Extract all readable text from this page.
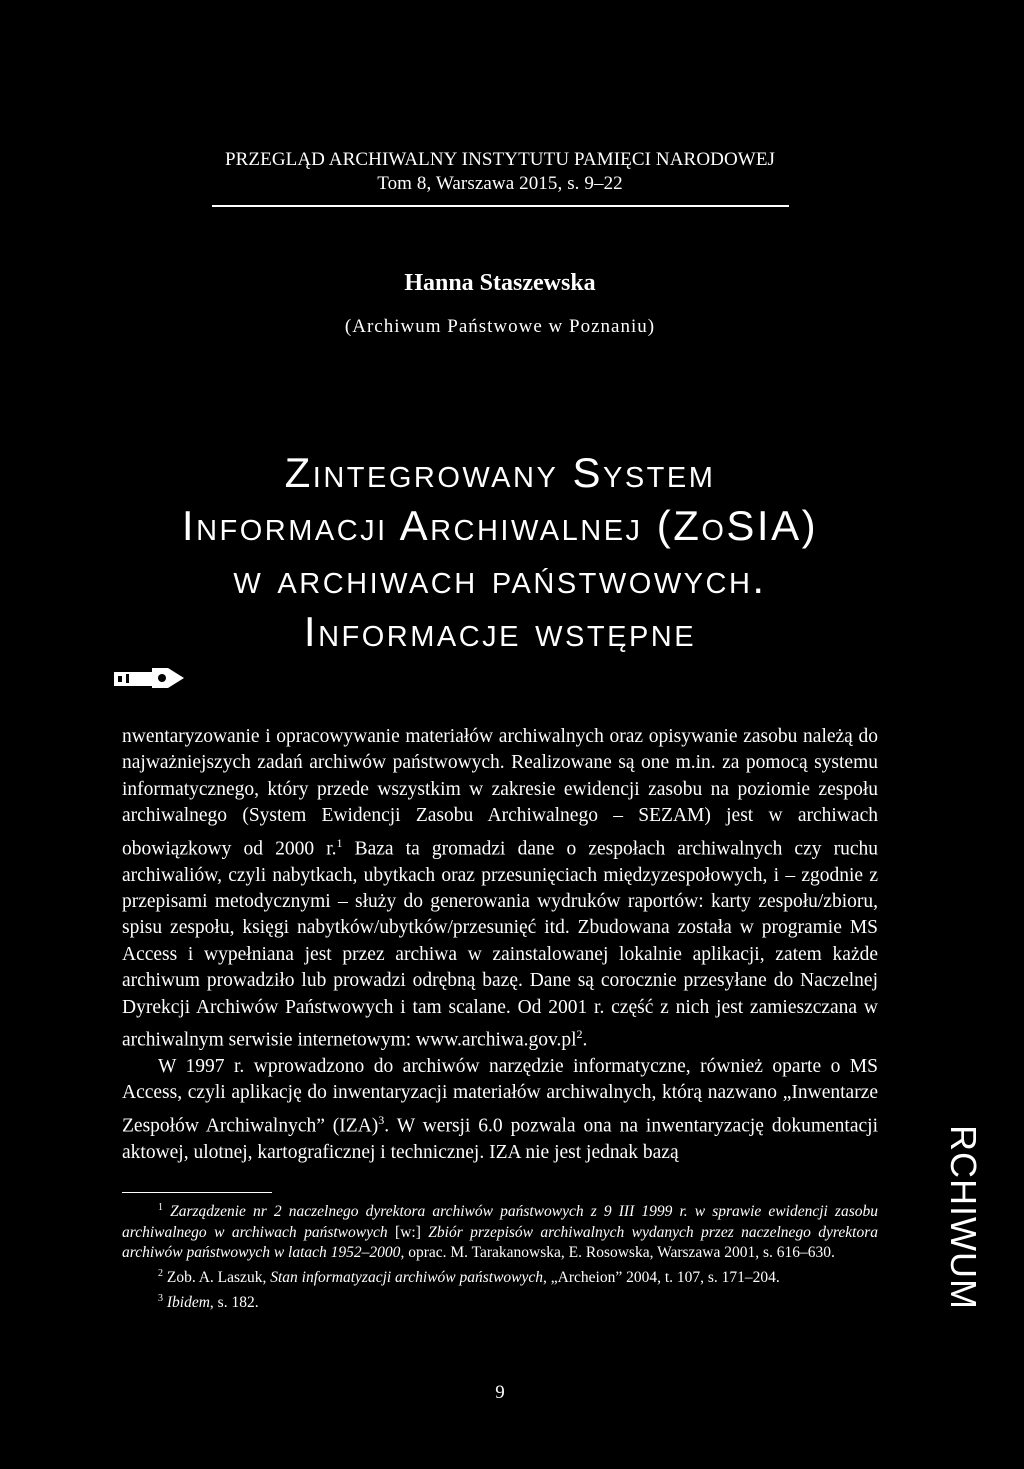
PRZEGLĄD ARCHIWALNY INSTYTUTU PAMIĘCI NARODOWEJ
Tom 8, Warszawa 2015, s. 9–22
Hanna Staszewska
(Archiwum Państwowe w Poznaniu)
Zintegrowany System
Informacji Archiwalnej (ZoSIA)
w archiwach państwowych.
Informacje wstępne

nwentaryzowanie i opracowywanie materiałów archiwalnych oraz opisywanie zasobu należą do najważniejszych zadań archiwów państwowych. Realizowane są one m.in. za pomocą systemu informatycznego, który przede wszystkim w zakresie ewidencji zasobu na poziomie zespołu archiwalnego (System Ewidencji Zasobu Archiwalnego – SEZAM) jest w archiwach obowiązkowy od 2000 r.$^1$ Baza ta gromadzi dane o zespołach archiwalnych czy ruchu archiwaliów, czyli nabytkach, ubytkach oraz przesunięciach międzyzespołowych, i – zgodnie z przepisami metodycznymi – służy do generowania wydruków raportów: karty zespołu/zbioru, spisu zespołu, księgi nabytków/ubytków/przesunięć itd. Zbudowana została w programie MS Access i wypełniana jest przez archiwa w zainstalowanej lokalnie aplikacji, zatem każde archiwum prowadziło lub prowadzi odrębną bazę. Dane są corocznie przesyłane do Naczelnej Dyrekcji Archiwów Państwowych i tam scalane. Od 2001 r. część z nich jest zamieszczana w archiwalnym serwisie internetowym: $www.archiwa.gov.pl^2$.

W 1997 r. wprowadzono do archiwów narzędzie informatyczne, również oparte o MS Access, czyli aplikację do inwentaryzacji materiałów archiwalnych, którą nazwano „Inwentarze Zespołów Archiwalnych” (IZA)$^3$. W wersji 6.0 pozwala ona na inwentaryzację dokumentacji aktowej, ulotnej, kartograficznej i technicznej. IZA nie jest jednak bazą

$^1$ Zarządzenie nr 2 naczelnego dyrektora archiwów państwowych z 9 III 1999 r. w sprawie ewidencji zasobu archiwalnego w archiwach państwowych [w:] Zbiór przepisów archiwalnych wydanych przez naczelnego dyrektora archiwów państwowych w latach 1952–2000, oprac. M. Tarakanowska, E. Rosowska, Warszawa 2001, s. 616–630.

$^2$ Zob. A. Laszuk, Stan informatyzacji archiwów państwowych, „Archeion” 2004, t. 107, s. 171–204.

$^3$ Ibidem, s. 182.

9
RCHIWUM
